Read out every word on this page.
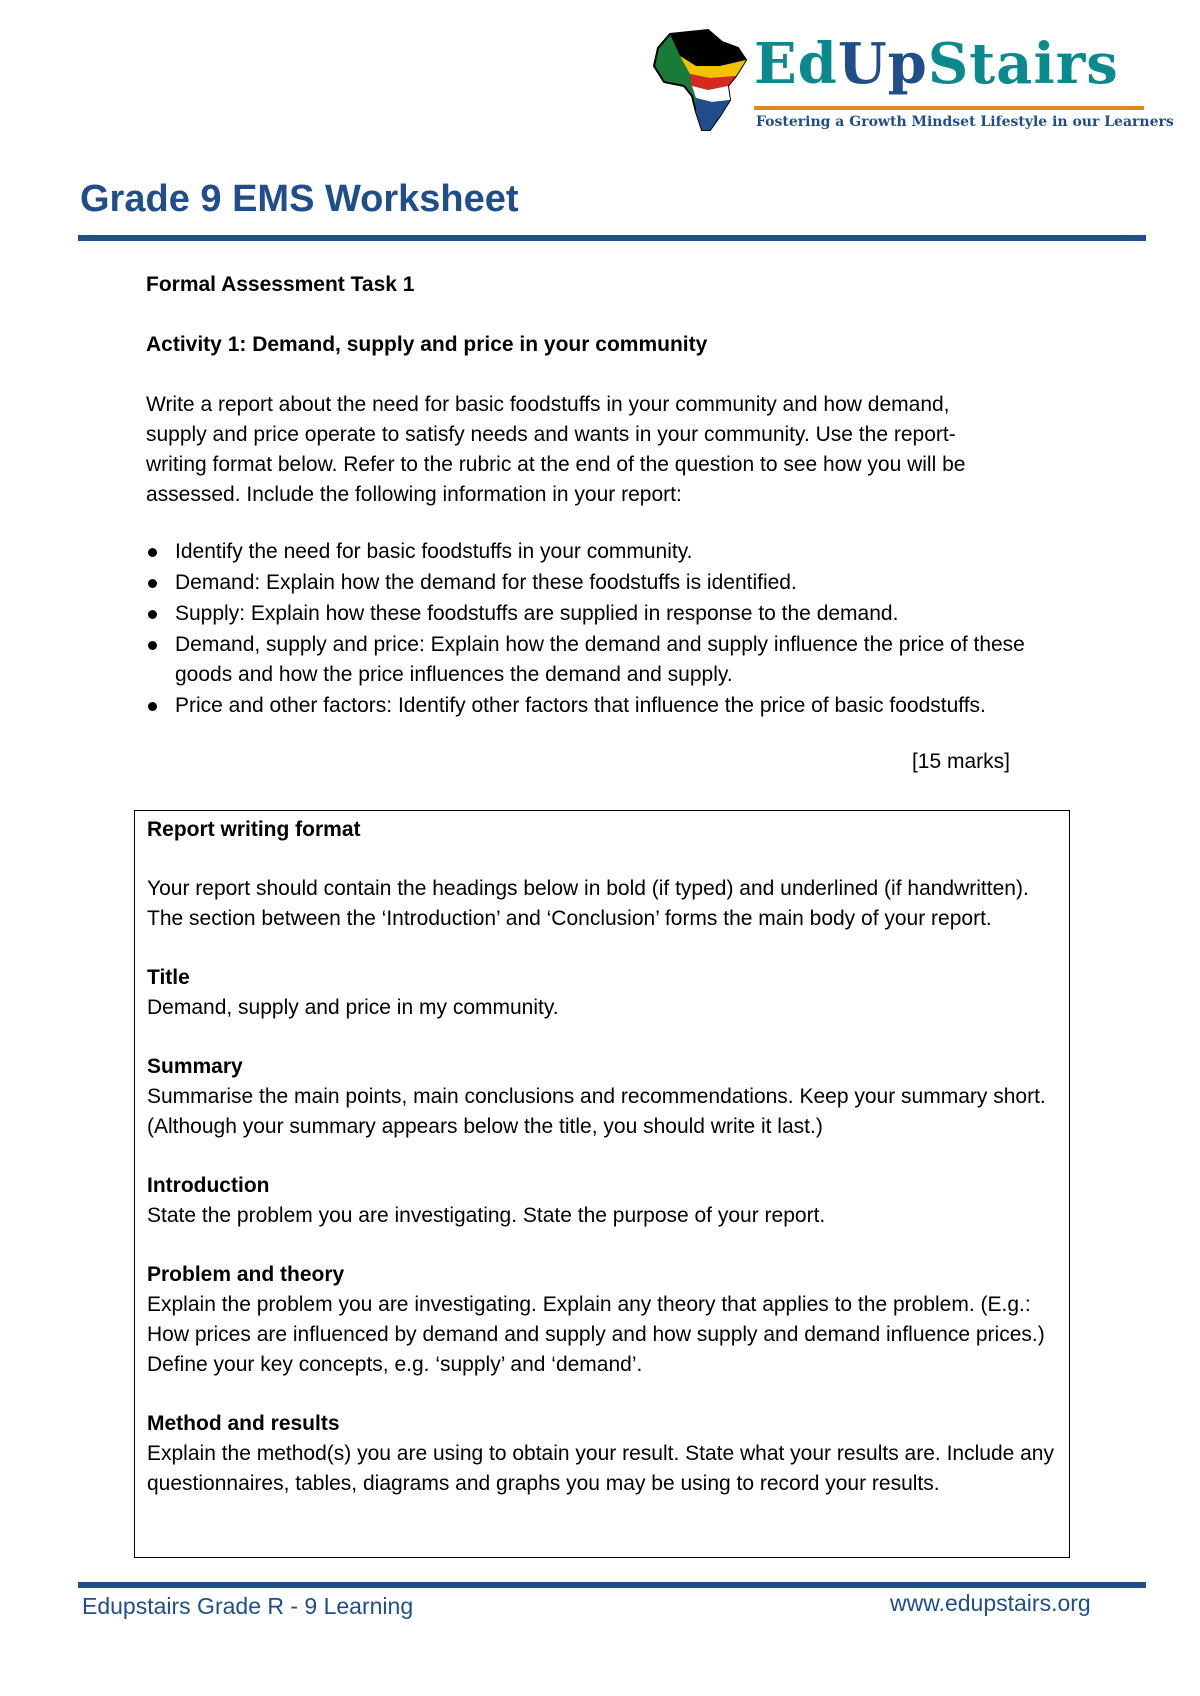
EdUpStairs
Fostering a Growth Mindset Lifestyle in our Learners
Grade 9 EMS Worksheet
Formal Assessment Task 1
Activity 1: Demand, supply and price in your community
Write a report about the need for basic foodstuffs in your community and how demand, supply and price operate to satisfy needs and wants in your community. Use the report-writing format below. Refer to the rubric at the end of the question to see how you will be assessed. Include the following information in your report:
Identify the need for basic foodstuffs in your community.
Demand: Explain how the demand for these foodstuffs is identified.
Supply: Explain how these foodstuffs are supplied in response to the demand.
Demand, supply and price: Explain how the demand and supply influence the price of these goods and how the price influences the demand and supply.
Price and other factors: Identify other factors that influence the price of basic foodstuffs.
[15 marks]
Report writing format
Your report should contain the headings below in bold (if typed) and underlined (if handwritten). The section between the ‘Introduction’ and ‘Conclusion’ forms the main body of your report.
Title
Demand, supply and price in my community.
Summary
Summarise the main points, main conclusions and recommendations. Keep your summary short. (Although your summary appears below the title, you should write it last.)
Introduction
State the problem you are investigating. State the purpose of your report.
Problem and theory
Explain the problem you are investigating. Explain any theory that applies to the problem. (E.g.: How prices are influenced by demand and supply and how supply and demand influence prices.) Define your key concepts, e.g. ‘supply’ and ‘demand’.
Method and results
Explain the method(s) you are using to obtain your result. State what your results are. Include any questionnaires, tables, diagrams and graphs you may be using to record your results.
Edupstairs Grade R - 9 Learning	www.edupstairs.org
